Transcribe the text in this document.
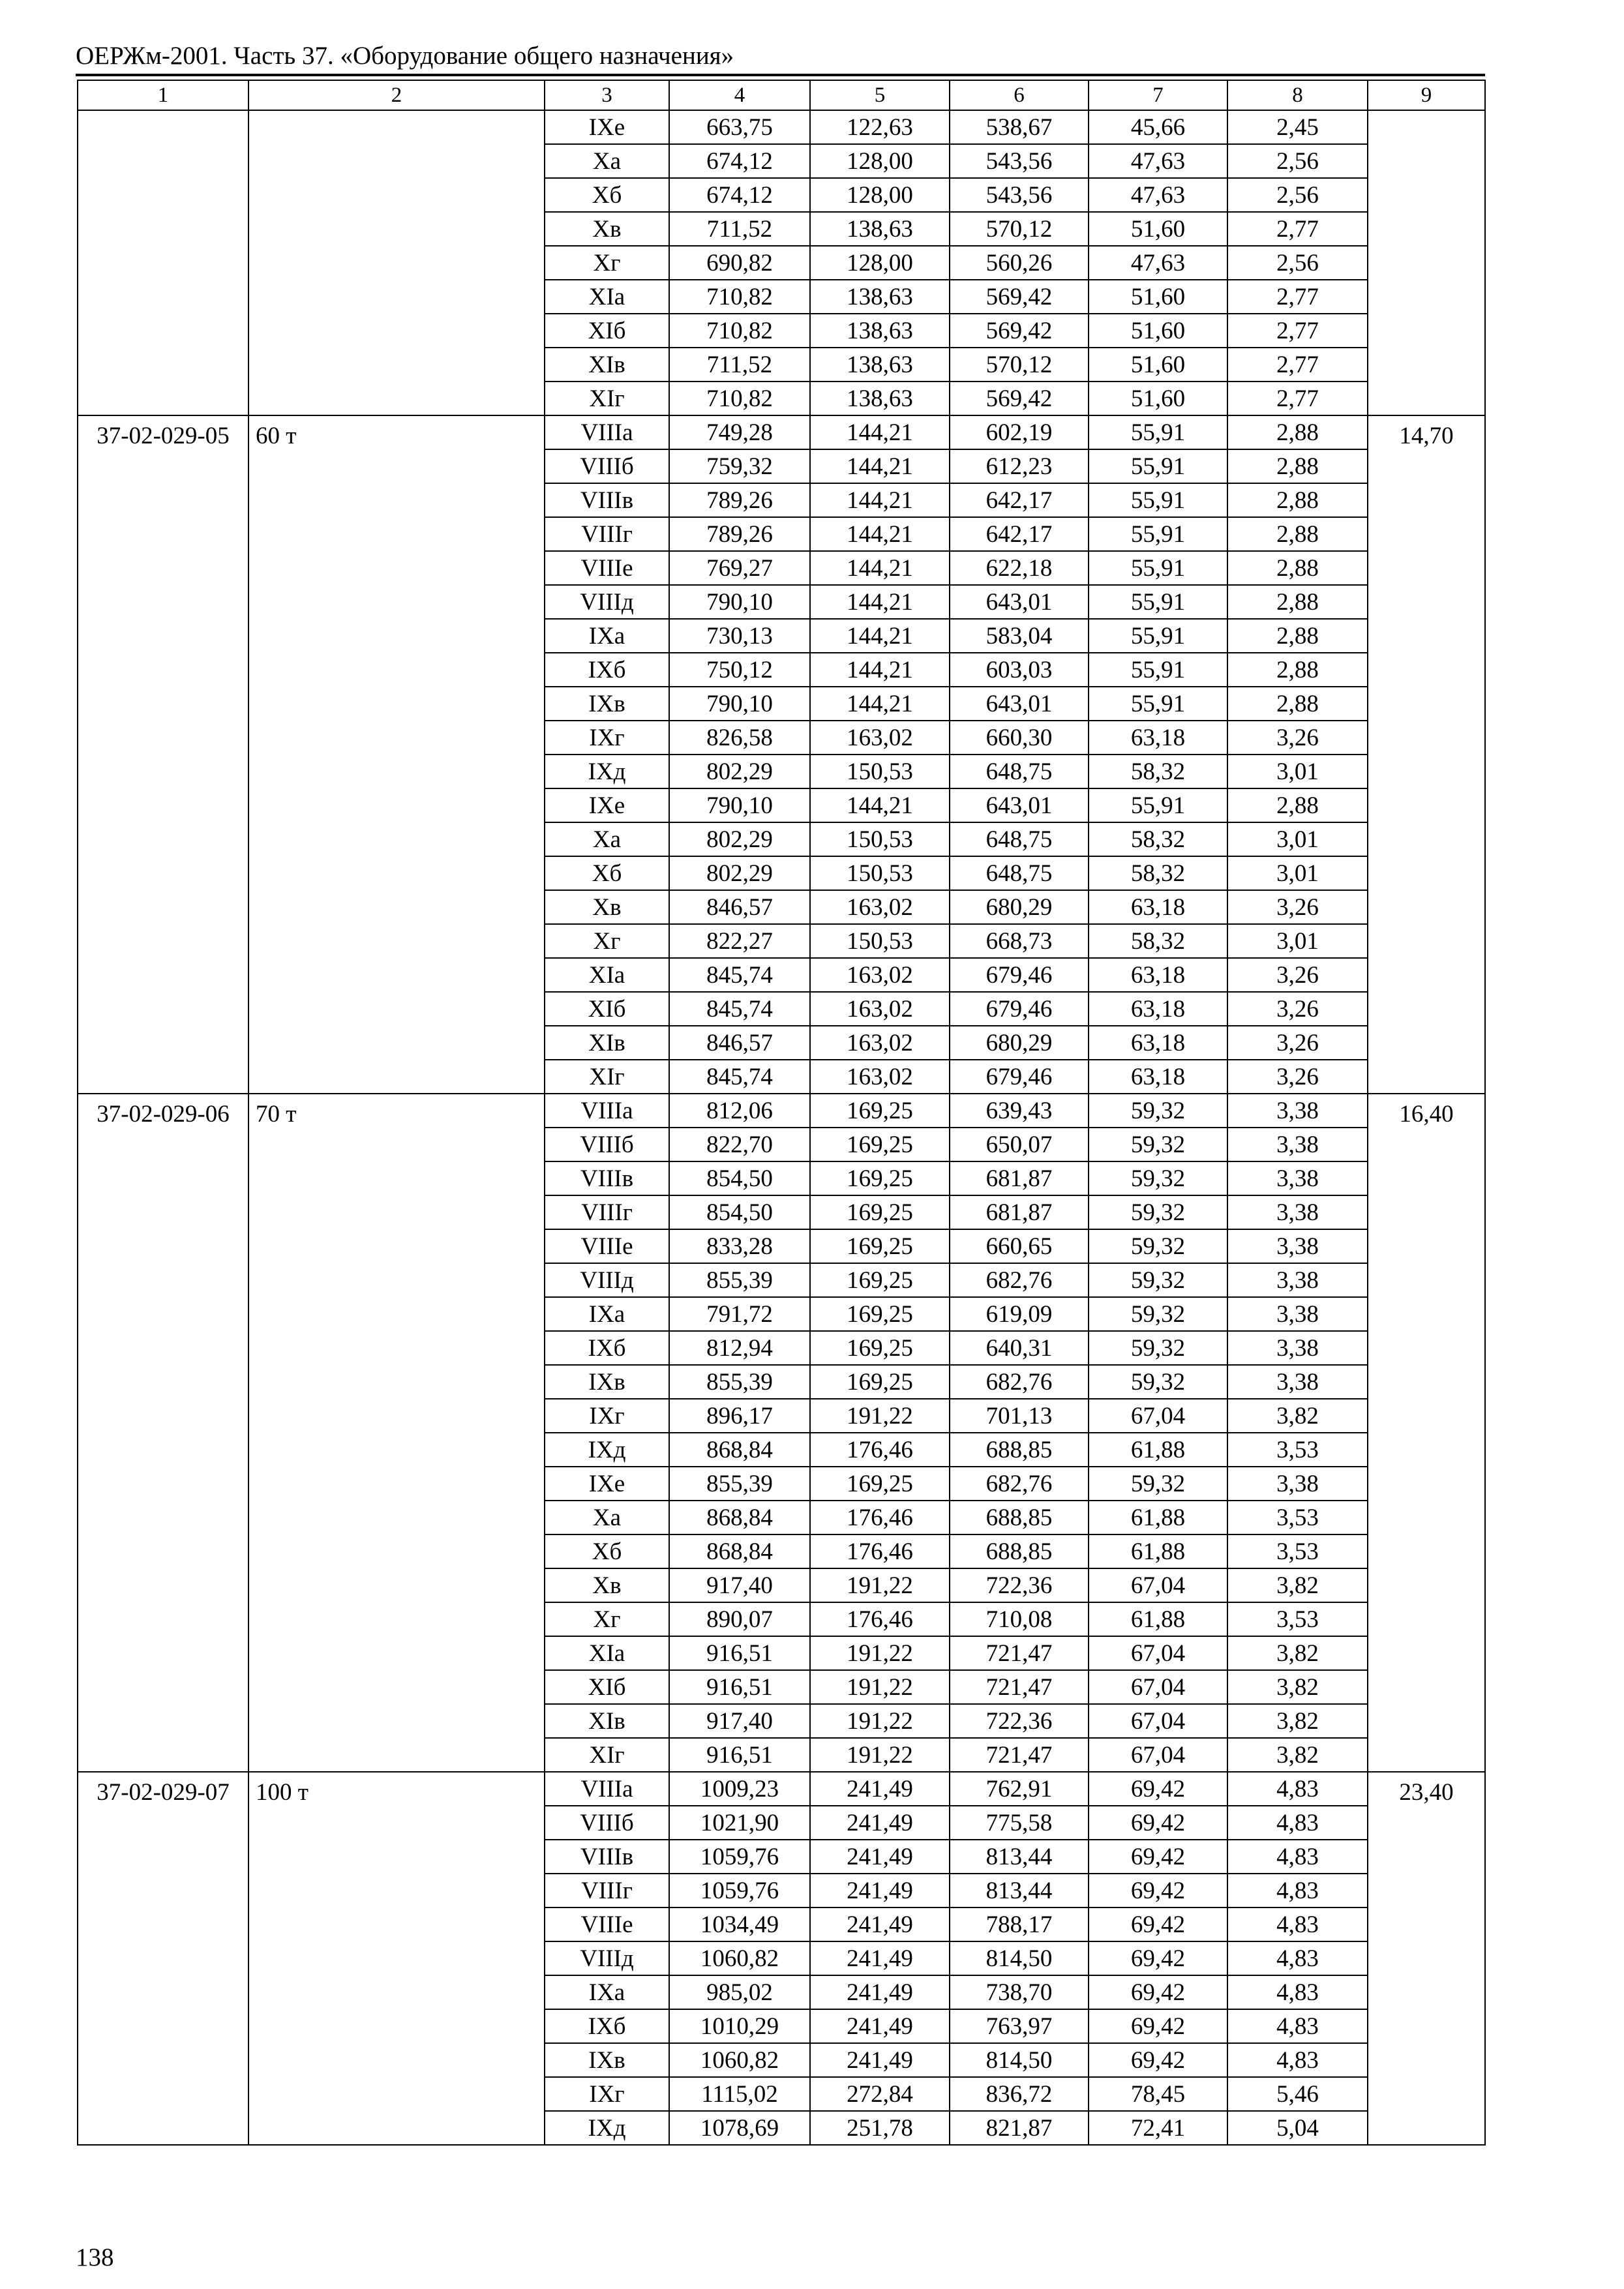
ОЕРЖм-2001. Часть 37. «Оборудование общего назначения»
1	2	3	4	5	6	7	8	9
		IXе	663,75	122,63	538,67	45,66	2,45	
		Xа	674,12	128,00	543,56	47,63	2,56	
		Xб	674,12	128,00	543,56	47,63	2,56	
		Xв	711,52	138,63	570,12	51,60	2,77	
		Xг	690,82	128,00	560,26	47,63	2,56	
		XIа	710,82	138,63	569,42	51,60	2,77	
		XIб	710,82	138,63	569,42	51,60	2,77	
		XIв	711,52	138,63	570,12	51,60	2,77	
		XIг	710,82	138,63	569,42	51,60	2,77	
37-02-029-05	60 т	VIIIа	749,28	144,21	602,19	55,91	2,88	14,70
		VIIIб	759,32	144,21	612,23	55,91	2,88	
		VIIIв	789,26	144,21	642,17	55,91	2,88	
		VIIIг	789,26	144,21	642,17	55,91	2,88	
		VIIIе	769,27	144,21	622,18	55,91	2,88	
		VIIIд	790,10	144,21	643,01	55,91	2,88	
		IXа	730,13	144,21	583,04	55,91	2,88	
		IXб	750,12	144,21	603,03	55,91	2,88	
		IXв	790,10	144,21	643,01	55,91	2,88	
		IXг	826,58	163,02	660,30	63,18	3,26	
		IXд	802,29	150,53	648,75	58,32	3,01	
		IXе	790,10	144,21	643,01	55,91	2,88	
		Xа	802,29	150,53	648,75	58,32	3,01	
		Xб	802,29	150,53	648,75	58,32	3,01	
		Xв	846,57	163,02	680,29	63,18	3,26	
		Xг	822,27	150,53	668,73	58,32	3,01	
		XIа	845,74	163,02	679,46	63,18	3,26	
		XIб	845,74	163,02	679,46	63,18	3,26	
		XIв	846,57	163,02	680,29	63,18	3,26	
		XIг	845,74	163,02	679,46	63,18	3,26	
37-02-029-06	70 т	VIIIа	812,06	169,25	639,43	59,32	3,38	16,40
		VIIIб	822,70	169,25	650,07	59,32	3,38	
		VIIIв	854,50	169,25	681,87	59,32	3,38	
		VIIIг	854,50	169,25	681,87	59,32	3,38	
		VIIIе	833,28	169,25	660,65	59,32	3,38	
		VIIIд	855,39	169,25	682,76	59,32	3,38	
		IXа	791,72	169,25	619,09	59,32	3,38	
		IXб	812,94	169,25	640,31	59,32	3,38	
		IXв	855,39	169,25	682,76	59,32	3,38	
		IXг	896,17	191,22	701,13	67,04	3,82	
		IXд	868,84	176,46	688,85	61,88	3,53	
		IXе	855,39	169,25	682,76	59,32	3,38	
		Xа	868,84	176,46	688,85	61,88	3,53	
		Xб	868,84	176,46	688,85	61,88	3,53	
		Xв	917,40	191,22	722,36	67,04	3,82	
		Xг	890,07	176,46	710,08	61,88	3,53	
		XIа	916,51	191,22	721,47	67,04	3,82	
		XIб	916,51	191,22	721,47	67,04	3,82	
		XIв	917,40	191,22	722,36	67,04	3,82	
		XIг	916,51	191,22	721,47	67,04	3,82	
37-02-029-07	100 т	VIIIа	1009,23	241,49	762,91	69,42	4,83	23,40
		VIIIб	1021,90	241,49	775,58	69,42	4,83	
		VIIIв	1059,76	241,49	813,44	69,42	4,83	
		VIIIг	1059,76	241,49	813,44	69,42	4,83	
		VIIIе	1034,49	241,49	788,17	69,42	4,83	
		VIIIд	1060,82	241,49	814,50	69,42	4,83	
		IXа	985,02	241,49	738,70	69,42	4,83	
		IXб	1010,29	241,49	763,97	69,42	4,83	
		IXв	1060,82	241,49	814,50	69,42	4,83	
		IXг	1115,02	272,84	836,72	78,45	5,46	
		IXд	1078,69	251,78	821,87	72,41	5,04	
138
